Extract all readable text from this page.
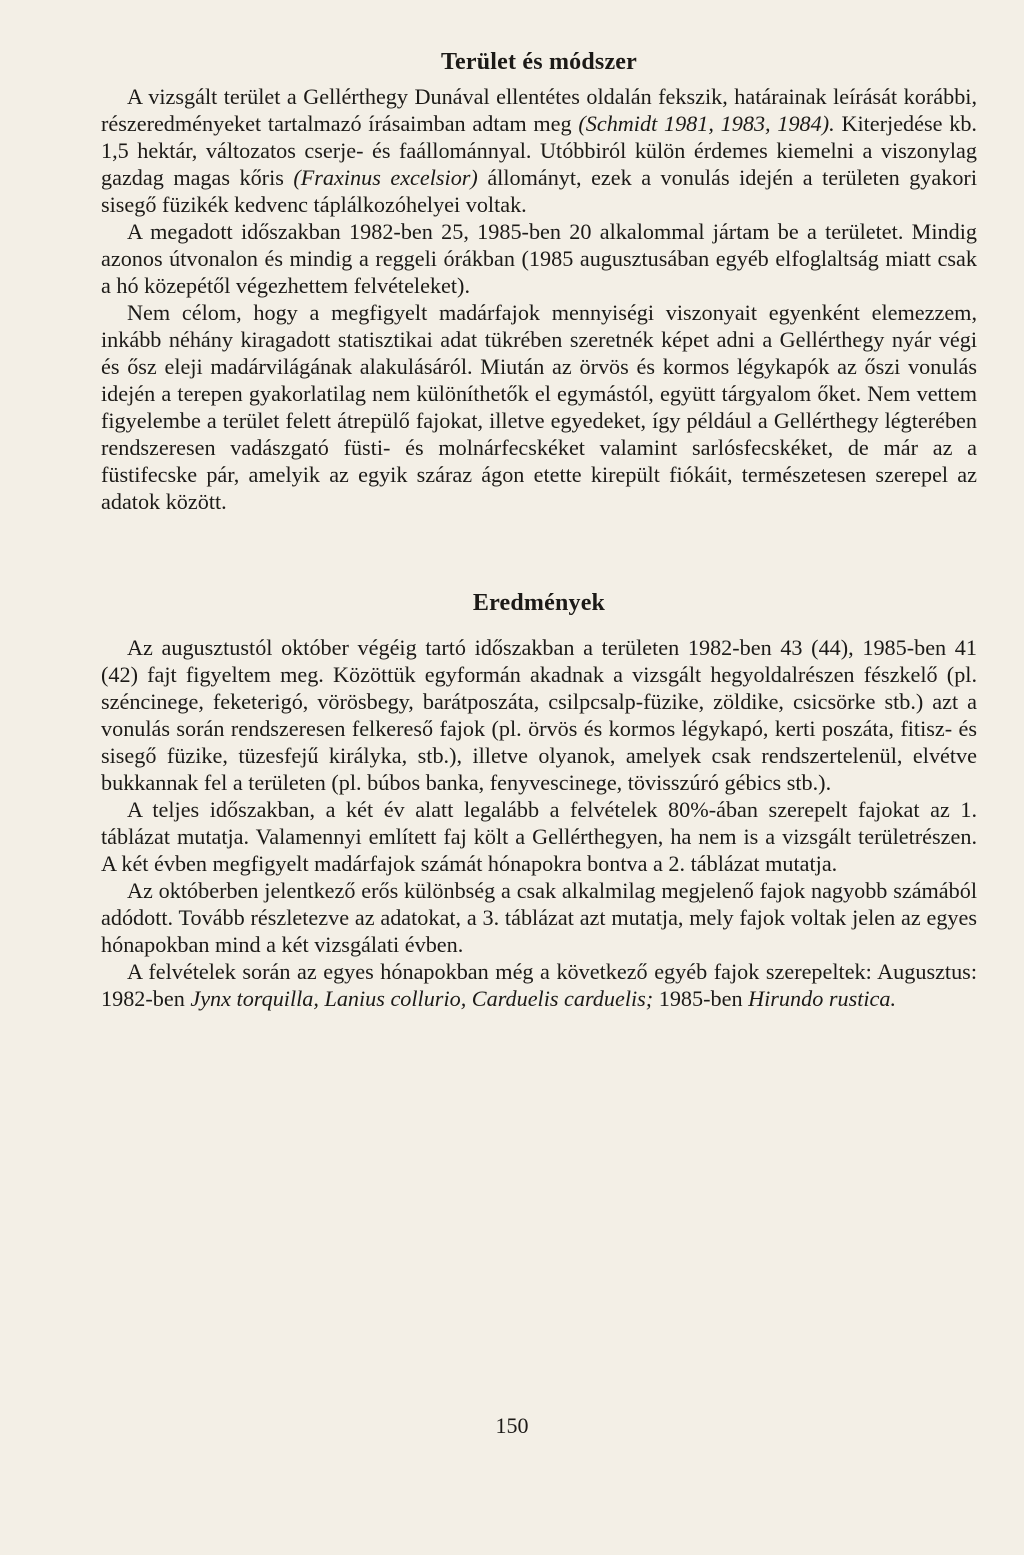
Terület és módszer

A vizsgált terület a Gellérthegy Dunával ellentétes oldalán fekszik, határainak leírását korábbi, részeredményeket tartalmazó írásaimban adtam meg (Schmidt 1981, 1983, 1984). Kiterjedése kb. 1,5 hektár, változatos cserje- és faállománnyal. Utóbbiról külön érdemes kiemelni a viszonylag gazdag magas kőris (Fraxinus excelsior) állományt, ezek a vonulás idején a területen gyakori sisegő füzikék kedvenc táplálkozóhelyei voltak.

A megadott időszakban 1982-ben 25, 1985-ben 20 alkalommal jártam be a területet. Mindig azonos útvonalon és mindig a reggeli órákban (1985 augusztusában egyéb elfoglaltság miatt csak a hó közepétől végezhettem felvételeket).

Nem célom, hogy a megfigyelt madárfajok mennyiségi viszonyait egyenként elemezzem, inkább néhány kiragadott statisztikai adat tükrében szeretnék képet adni a Gellérthegy nyár végi és ősz eleji madárvilágának alakulásáról. Miután az örvös és kormos légykapók az őszi vonulás idején a terepen gyakorlatilag nem különíthetők el egymástól, együtt tárgyalom őket. Nem vettem figyelembe a terület felett átrepülő fajokat, illetve egyedeket, így például a Gellérthegy légterében rendszeresen vadászgató füsti- és molnárfecskéket valamint sarlósfecskéket, de már az a füstifecske pár, amelyik az egyik száraz ágon etette kirepült fiókáit, természetesen szerepel az adatok között.

Eredmények

Az augusztustól október végéig tartó időszakban a területen 1982-ben 43 (44), 1985-ben 41 (42) fajt figyeltem meg. Közöttük egyformán akadnak a vizsgált hegyoldalrészen fészkelő (pl. széncinege, feketerigó, vörösbegy, barátposzáta, csilpcsalp-füzike, zöldike, csicsörke stb.) azt a vonulás során rendszeresen felkereső fajok (pl. örvös és kormos légykapó, kerti poszáta, fitisz- és sisegő füzike, tüzesfejű királyka, stb.), illetve olyanok, amelyek csak rendszertelenül, elvétve bukkannak fel a területen (pl. búbos banka, fenyvescinege, tövisszúró gébics stb.).

A teljes időszakban, a két év alatt legalább a felvételek 80%-ában szerepelt fajokat az 1. táblázat mutatja. Valamennyi említett faj költ a Gellérthegyen, ha nem is a vizsgált területrészen. A két évben megfigyelt madárfajok számát hónapokra bontva a 2. táblázat mutatja.

Az októberben jelentkező erős különbség a csak alkalmilag megjelenő fajok nagyobb számából adódott. Tovább részletezve az adatokat, a 3. táblázat azt mutatja, mely fajok voltak jelen az egyes hónapokban mind a két vizsgálati évben.

A felvételek során az egyes hónapokban még a következő egyéb fajok szerepeltek: Augusztus: 1982-ben Jynx torquilla, Lanius collurio, Carduelis carduelis; 1985-ben Hirundo rustica.

150
